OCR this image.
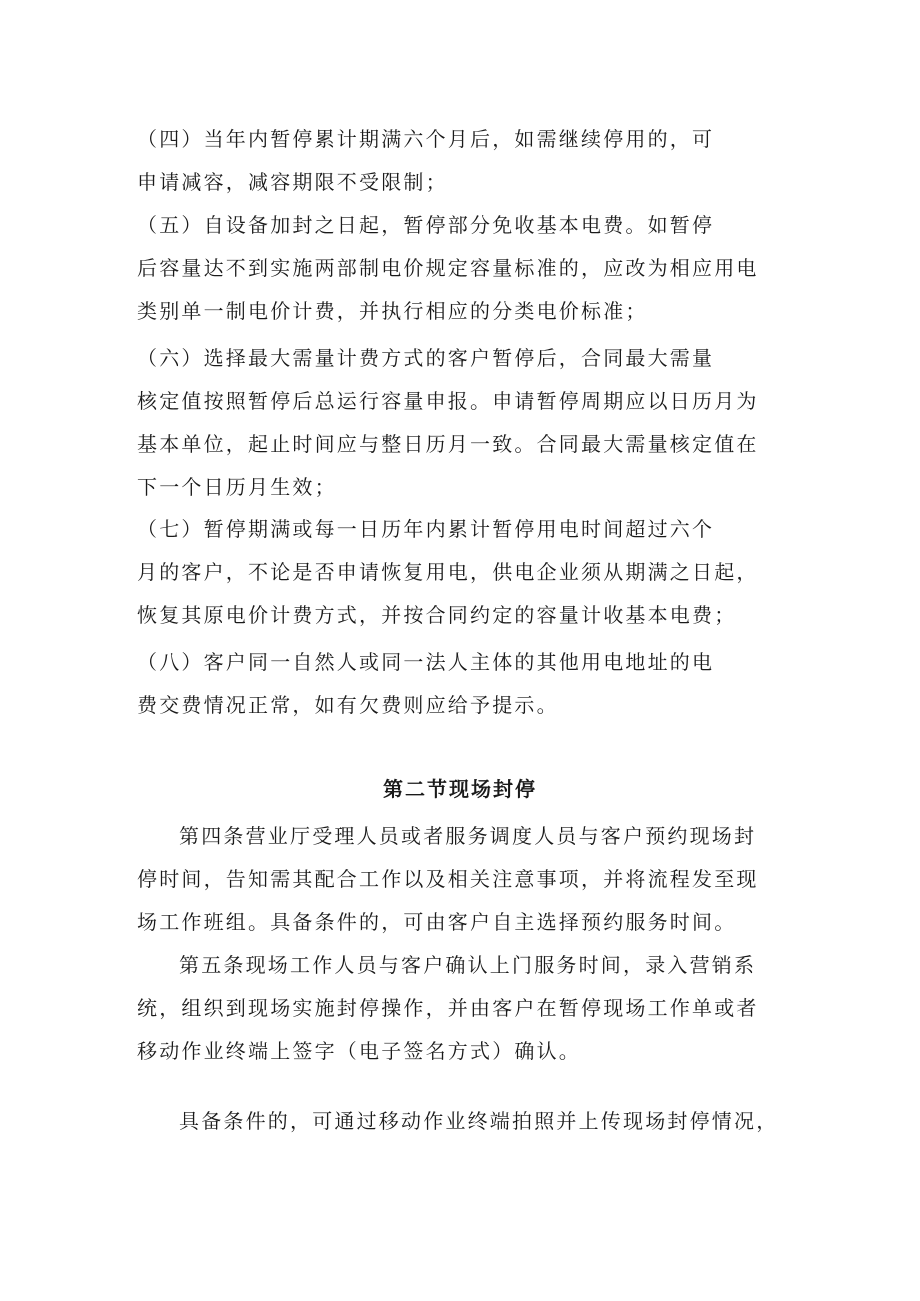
（四）当年内暂停累计期满六个月后，如需继续停用的，可
申请减容，减容期限不受限制；
（五）自设备加封之日起，暂停部分免收基本电费。如暂停
后容量达不到实施两部制电价规定容量标准的，应改为相应用电
类别单一制电价计费，并执行相应的分类电价标准；
（六）选择最大需量计费方式的客户暂停后，合同最大需量
核定值按照暂停后总运行容量申报。申请暂停周期应以日历月为
基本单位，起止时间应与整日历月一致。合同最大需量核定值在
下一个日历月生效；
（七）暂停期满或每一日历年内累计暂停用电时间超过六个
月的客户，不论是否申请恢复用电，供电企业须从期满之日起，
恢复其原电价计费方式，并按合同约定的容量计收基本电费；
（八）客户同一自然人或同一法人主体的其他用电地址的电
费交费情况正常，如有欠费则应给予提示。
第二节现场封停
第四条营业厅受理人员或者服务调度人员与客户预约现场封
停时间，告知需其配合工作以及相关注意事项，并将流程发至现
场工作班组。具备条件的，可由客户自主选择预约服务时间。
第五条现场工作人员与客户确认上门服务时间，录入营销系
统，组织到现场实施封停操作，并由客户在暂停现场工作单或者
移动作业终端上签字（电子签名方式）确认。
具备条件的，可通过移动作业终端拍照并上传现场封停情况，
